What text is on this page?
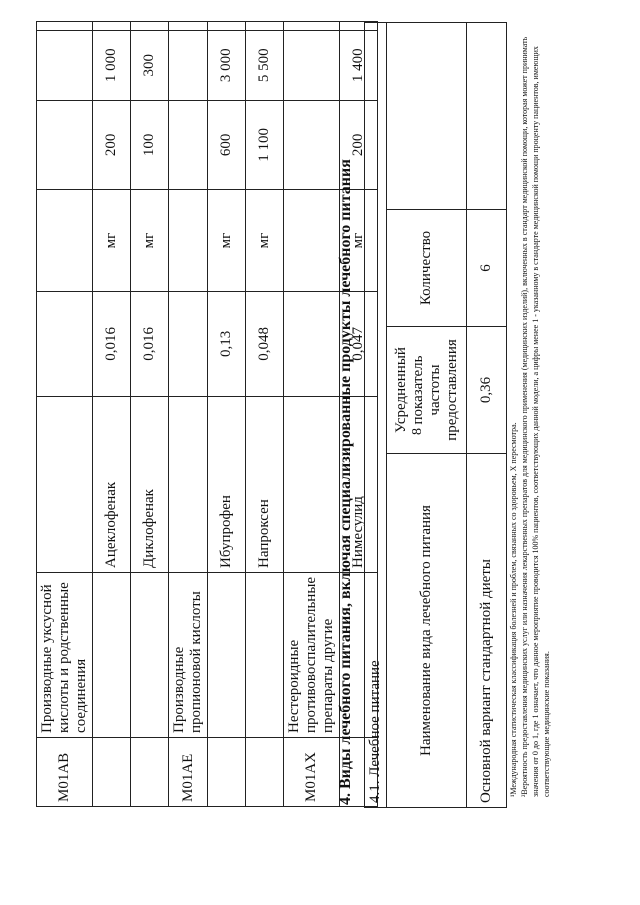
8
M01AB	Производные уксусной кислоты и родственные соединения						
		Ацеклофенак	0,016	мг	200	1 000	
		Диклофенак	0,016	мг	100	300	
M01AE	Производные пропионовой кислоты						
		Ибупрофен	0,13	мг	600	3 000	
		Напроксен	0,048	мг	1 100	5 500	
M01AX	Нестероидные противовоспалительные препараты другие						
		Нимесулид	0,047	мг	200	1 400	
4. Виды лечебного питания, включая специализированные продукты лечебного питания 4.1. Лечебное питание			
Наименование вида лечебного питания	Усредненный показатель частоты предоставления	Количество	
Основной вариант стандартной диеты	0,36	6	

¹Международная статистическая классификация болезней и проблем, связанных со здоровьем, X пересмотра. ²Вероятность предоставления медицинских услуг или назначения лекарственных препаратов для медицинского применения (медицинских изделий), включенных в стандарт медицинской помощи, которая может принимать значения от 0 до 1, где 1 означает, что данное мероприятие проводится 100% пациентов, соответствующих данной модели, а цифры менее 1 - указанному в стандарте медицинской помощи проценту пациентов, имеющих соответствующие медицинские показания.
